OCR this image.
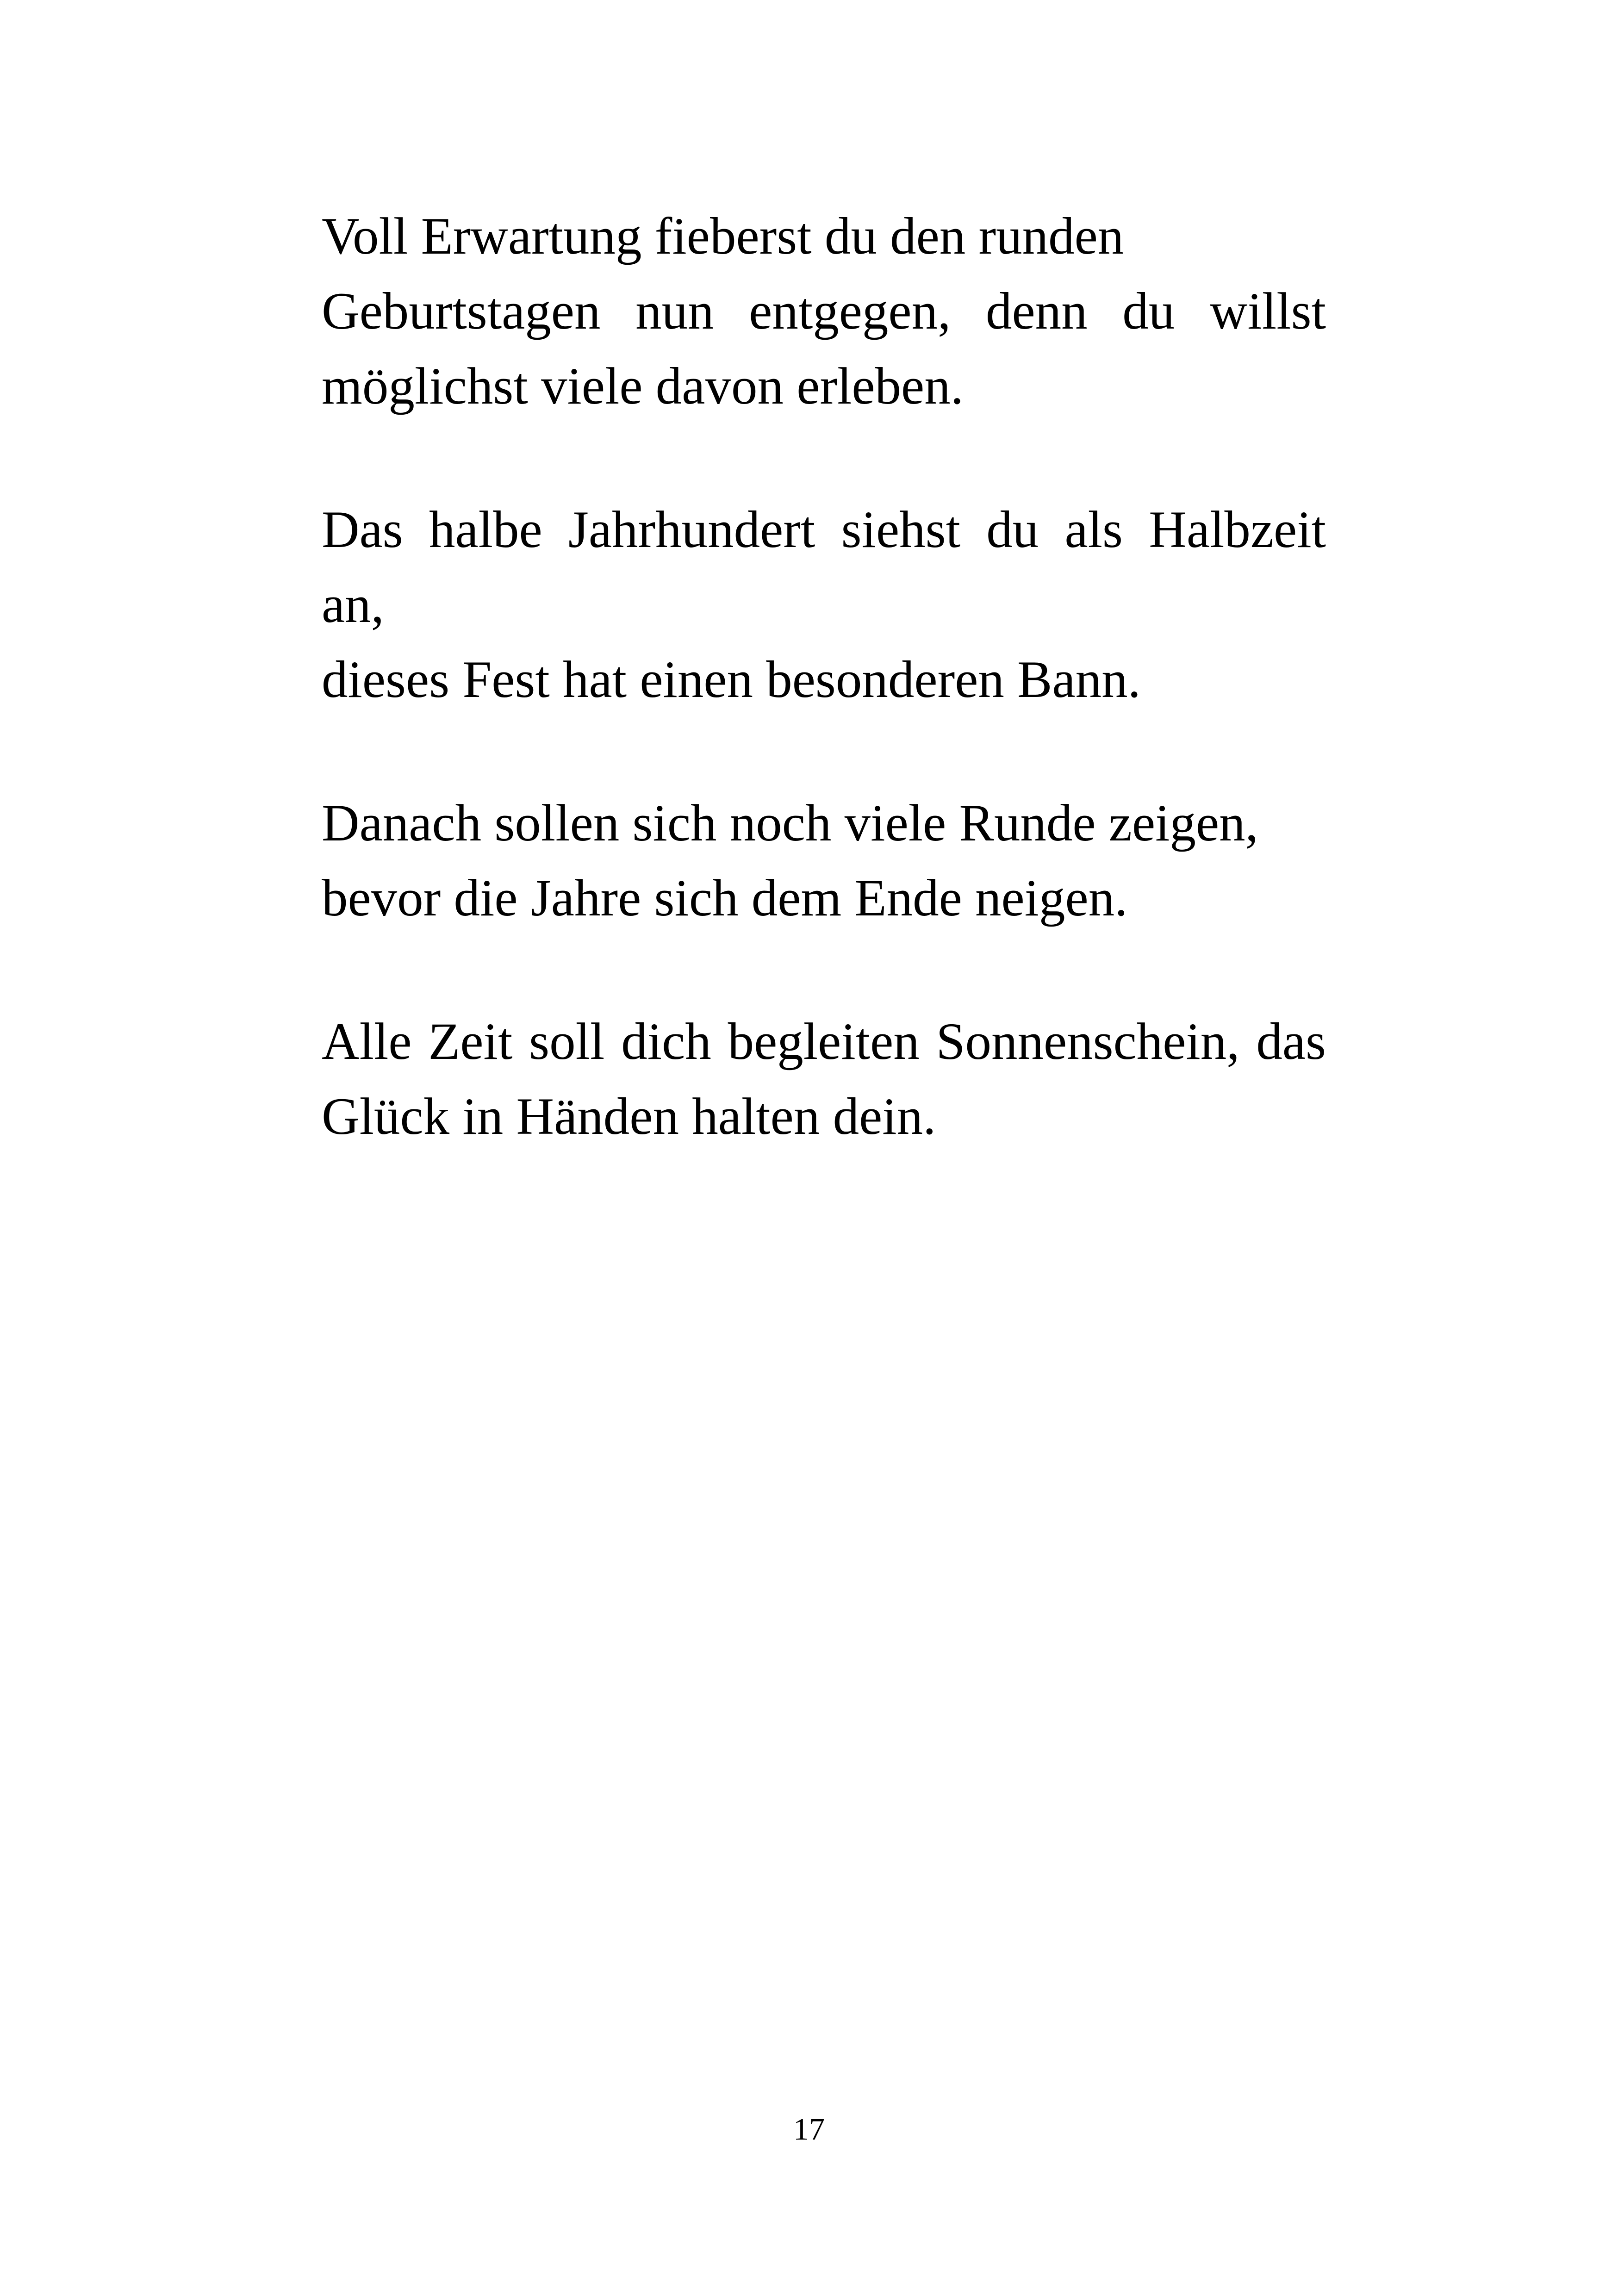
Voll Erwartung fieberst du den runden
Geburtstagen nun entgegen, denn du willst
möglichst viele davon erleben.
Das halbe Jahrhundert siehst du als Halbzeit
an,
dieses Fest hat einen besonderen Bann.
Danach sollen sich noch viele Runde zeigen,
bevor die Jahre sich dem Ende neigen.
Alle Zeit soll dich begleiten Sonnenschein, das
Glück in Händen halten dein.
17
